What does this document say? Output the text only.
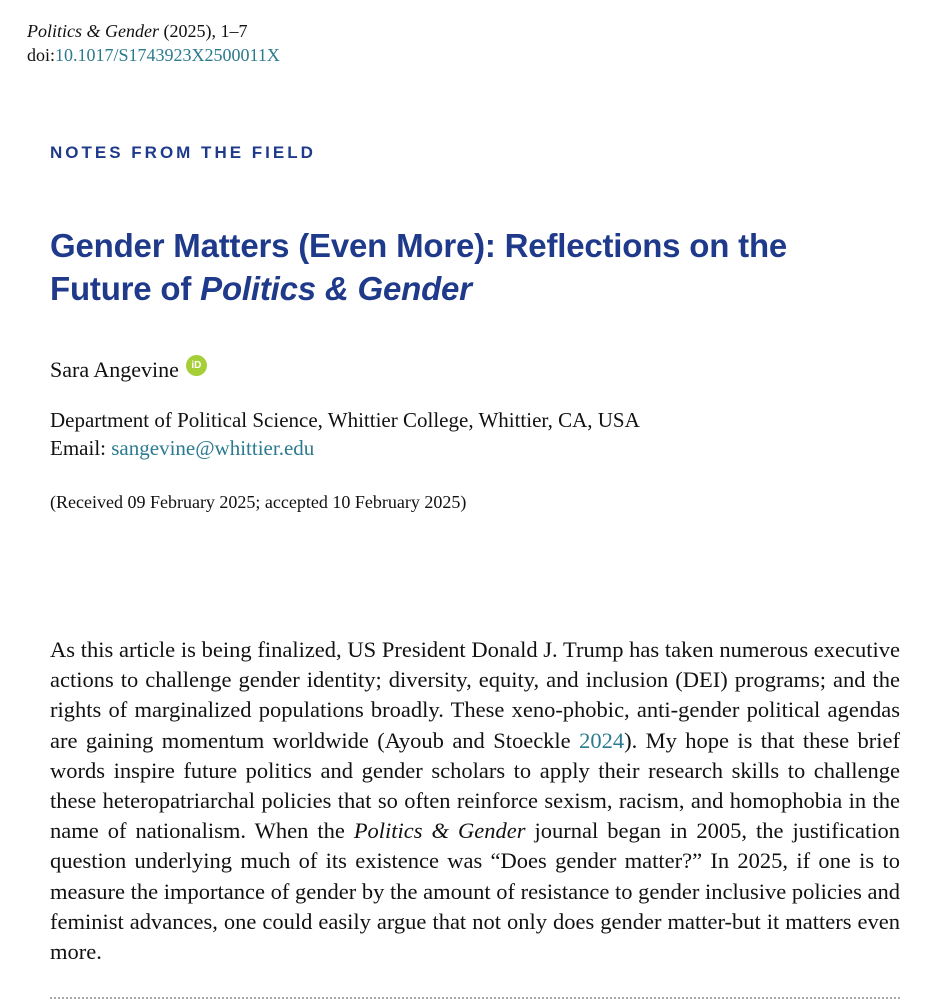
Politics & Gender (2025), 1–7
doi:10.1017/S1743923X2500011X
NOTES FROM THE FIELD
Gender Matters (Even More): Reflections on the
Future of Politics & Gender
Sara Angevine	iD
Department of Political Science, Whittier College, Whittier, CA, USA
Email: sangevine@whittier.edu
(Received 09 February 2025; accepted 10 February 2025)

As this article is being finalized, US President Donald J. Trump has taken numerous executive actions to challenge gender identity; diversity, equity, and inclusion (DEI) programs; and the rights of marginalized populations broadly. These xeno-phobic, anti-gender political agendas are gaining momentum worldwide (Ayoub and Stoeckle 2024). My hope is that these brief words inspire future politics and gender scholars to apply their research skills to challenge these heteropatriarchal policies that so often reinforce sexism, racism, and homophobia in the name of nationalism. When the Politics & Gender journal began in 2005, the justification question underlying much of its existence was “Does gender matter?” In 2025, if one is to measure the importance of gender by the amount of resistance to gender inclusive policies and feminist advances, one could easily argue that not only does gender matter-but it matters even more.
